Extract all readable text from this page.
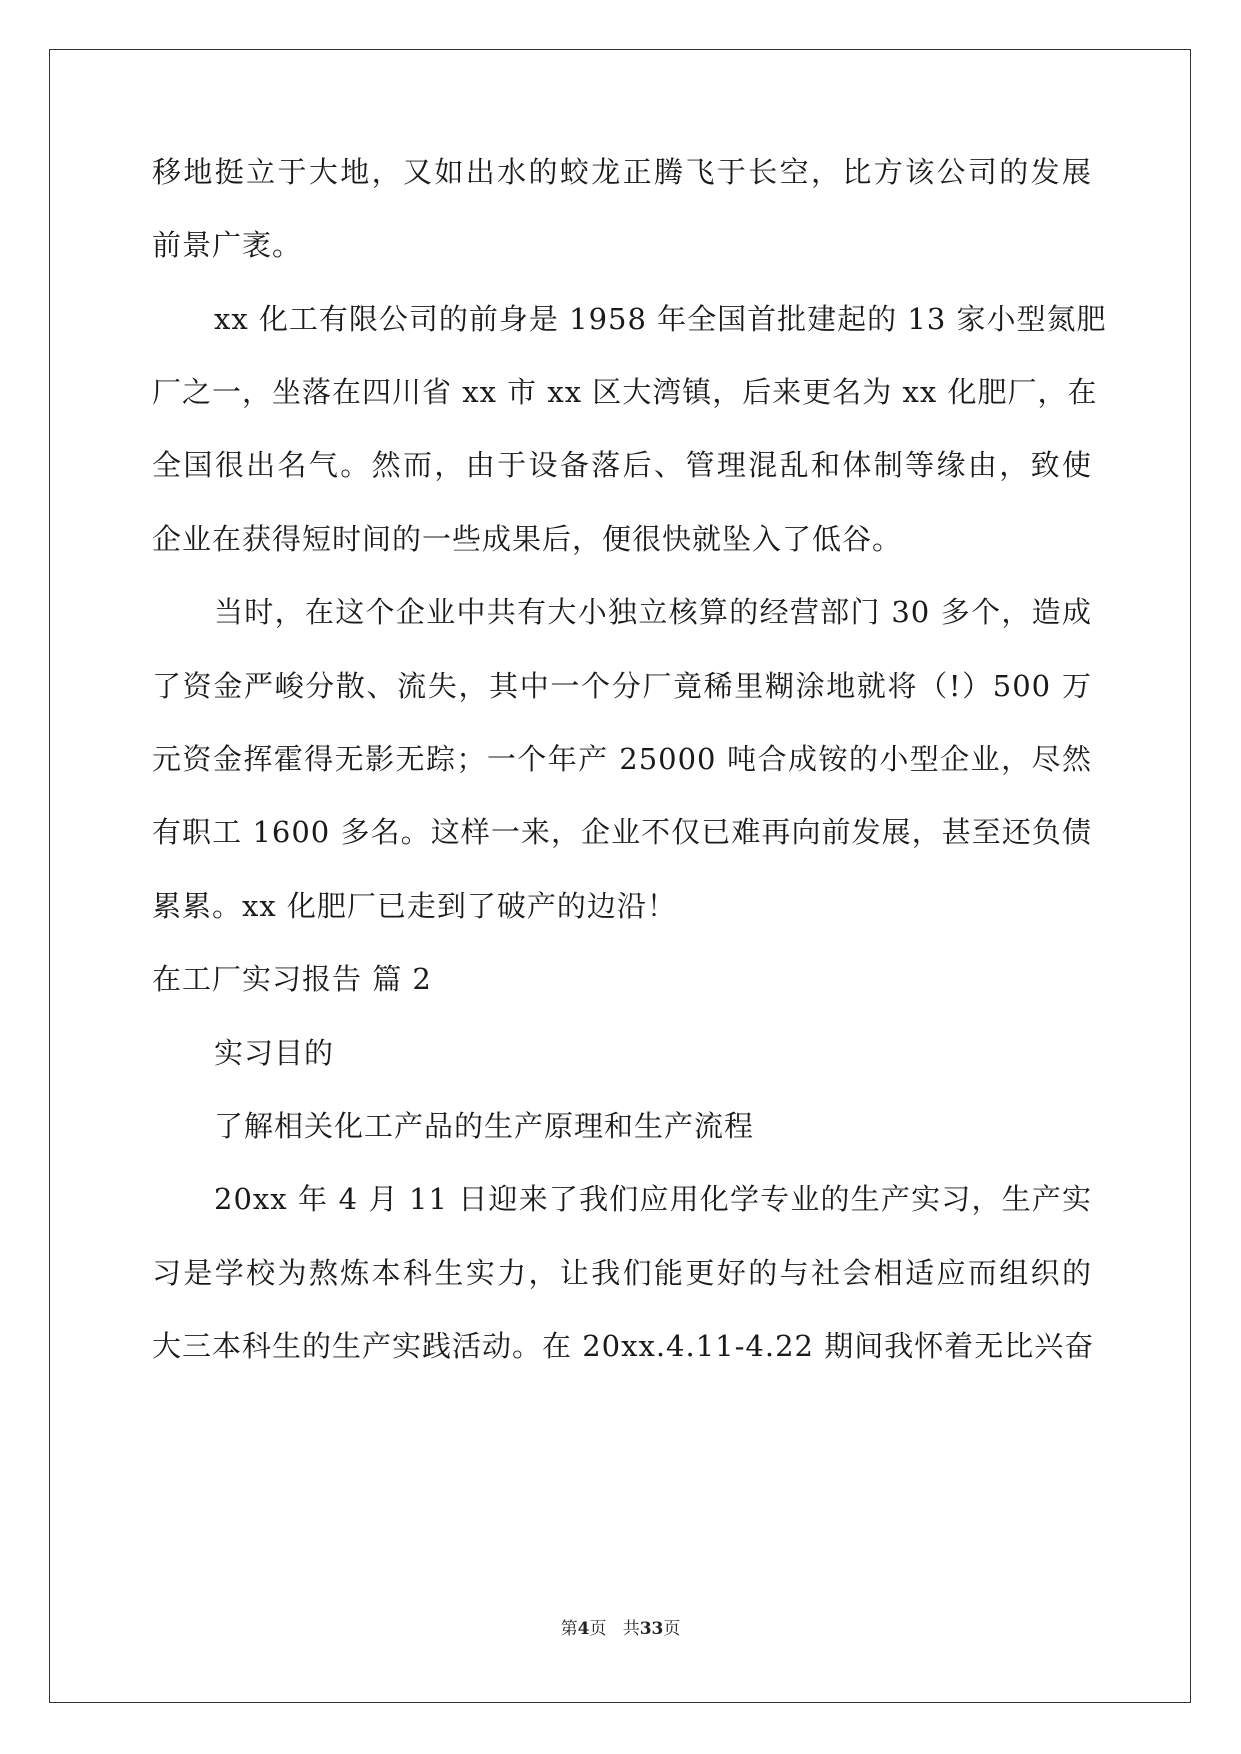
移地挺立于大地，又如出水的蛟龙正腾飞于长空，比方该公司的发展
前景广袤。
xx 化工有限公司的前身是 1958 年全国首批建起的 13 家小型氮肥
厂之一，坐落在四川省 xx 市 xx 区大湾镇，后来更名为 xx 化肥厂，在
全国很出名气。然而，由于设备落后、管理混乱和体制等缘由，致使
企业在获得短时间的一些成果后，便很快就坠入了低谷。
当时，在这个企业中共有大小独立核算的经营部门 30 多个，造成
了资金严峻分散、流失，其中一个分厂竟稀里糊涂地就将（!）500 万
元资金挥霍得无影无踪；一个年产 25000 吨合成铵的小型企业，尽然
有职工 1600 多名。这样一来，企业不仅已难再向前发展，甚至还负债
累累。xx 化肥厂已走到了破产的边沿！
在工厂实习报告 篇 2
实习目的
了解相关化工产品的生产原理和生产流程
20xx 年 4 月 11 日迎来了我们应用化学专业的生产实习，生产实
习是学校为熬炼本科生实力，让我们能更好的与社会相适应而组织的
大三本科生的生产实践活动。在 20xx.4.11-4.22 期间我怀着无比兴奋
第4页 共33页
